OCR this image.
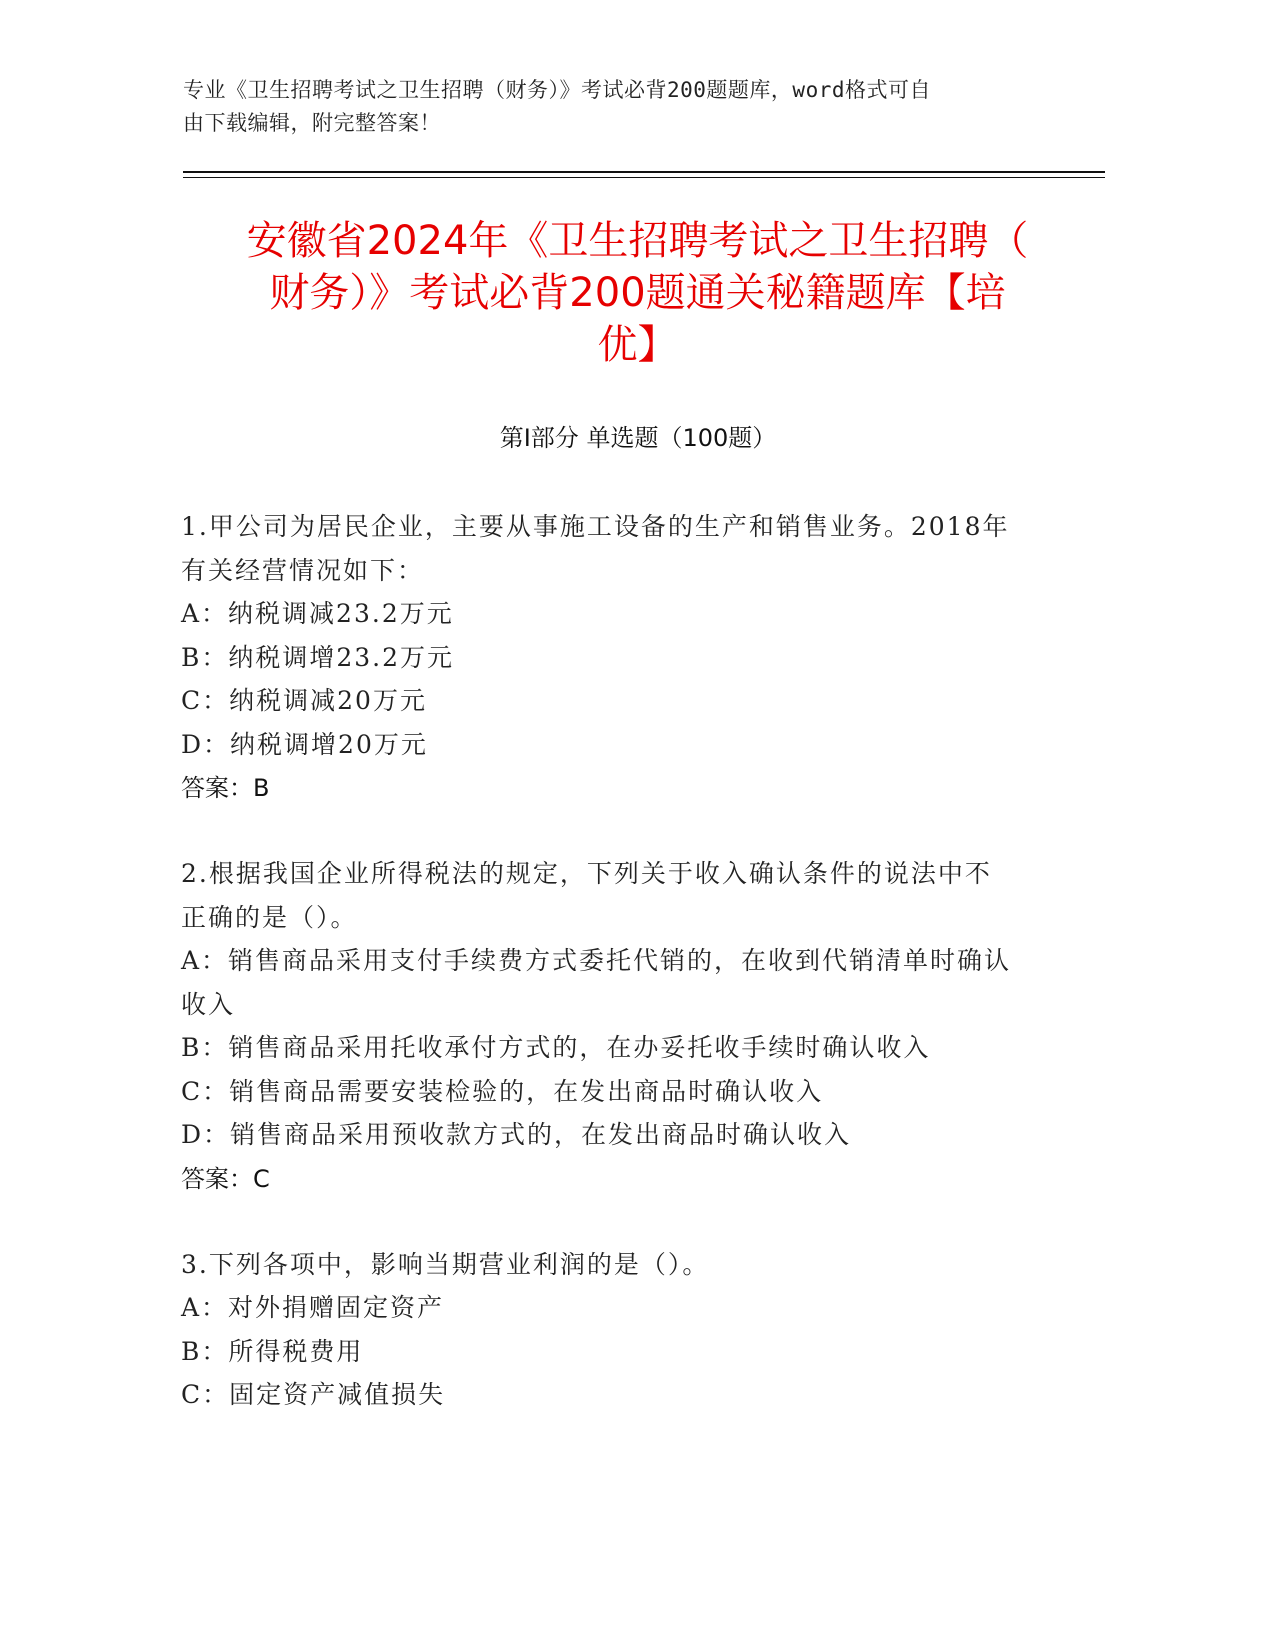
专业《卫生招聘考试之卫生招聘（财务）》考试必背200题题库，word格式可自
由下载编辑，附完整答案！
安徽省2024年《卫生招聘考试之卫生招聘（
财务）》考试必背200题通关秘籍题库【培
优】
第Ⅰ部分 单选题（100题）

1.甲公司为居民企业，主要从事施工设备的生产和销售业务。2018年

有关经营情况如下：

A：纳税调减23.2万元

B：纳税调增23.2万元

C：纳税调减20万元

D：纳税调增20万元

答案：B

2.根据我国企业所得税法的规定，下列关于收入确认条件的说法中不

正确的是（）。

A：销售商品采用支付手续费方式委托代销的，在收到代销清单时确认

收入

B：销售商品采用托收承付方式的，在办妥托收手续时确认收入

C：销售商品需要安装检验的，在发出商品时确认收入

D：销售商品采用预收款方式的，在发出商品时确认收入

答案：C

3.下列各项中，影响当期营业利润的是（）。

A：对外捐赠固定资产

B：所得税费用

C：固定资产减值损失
